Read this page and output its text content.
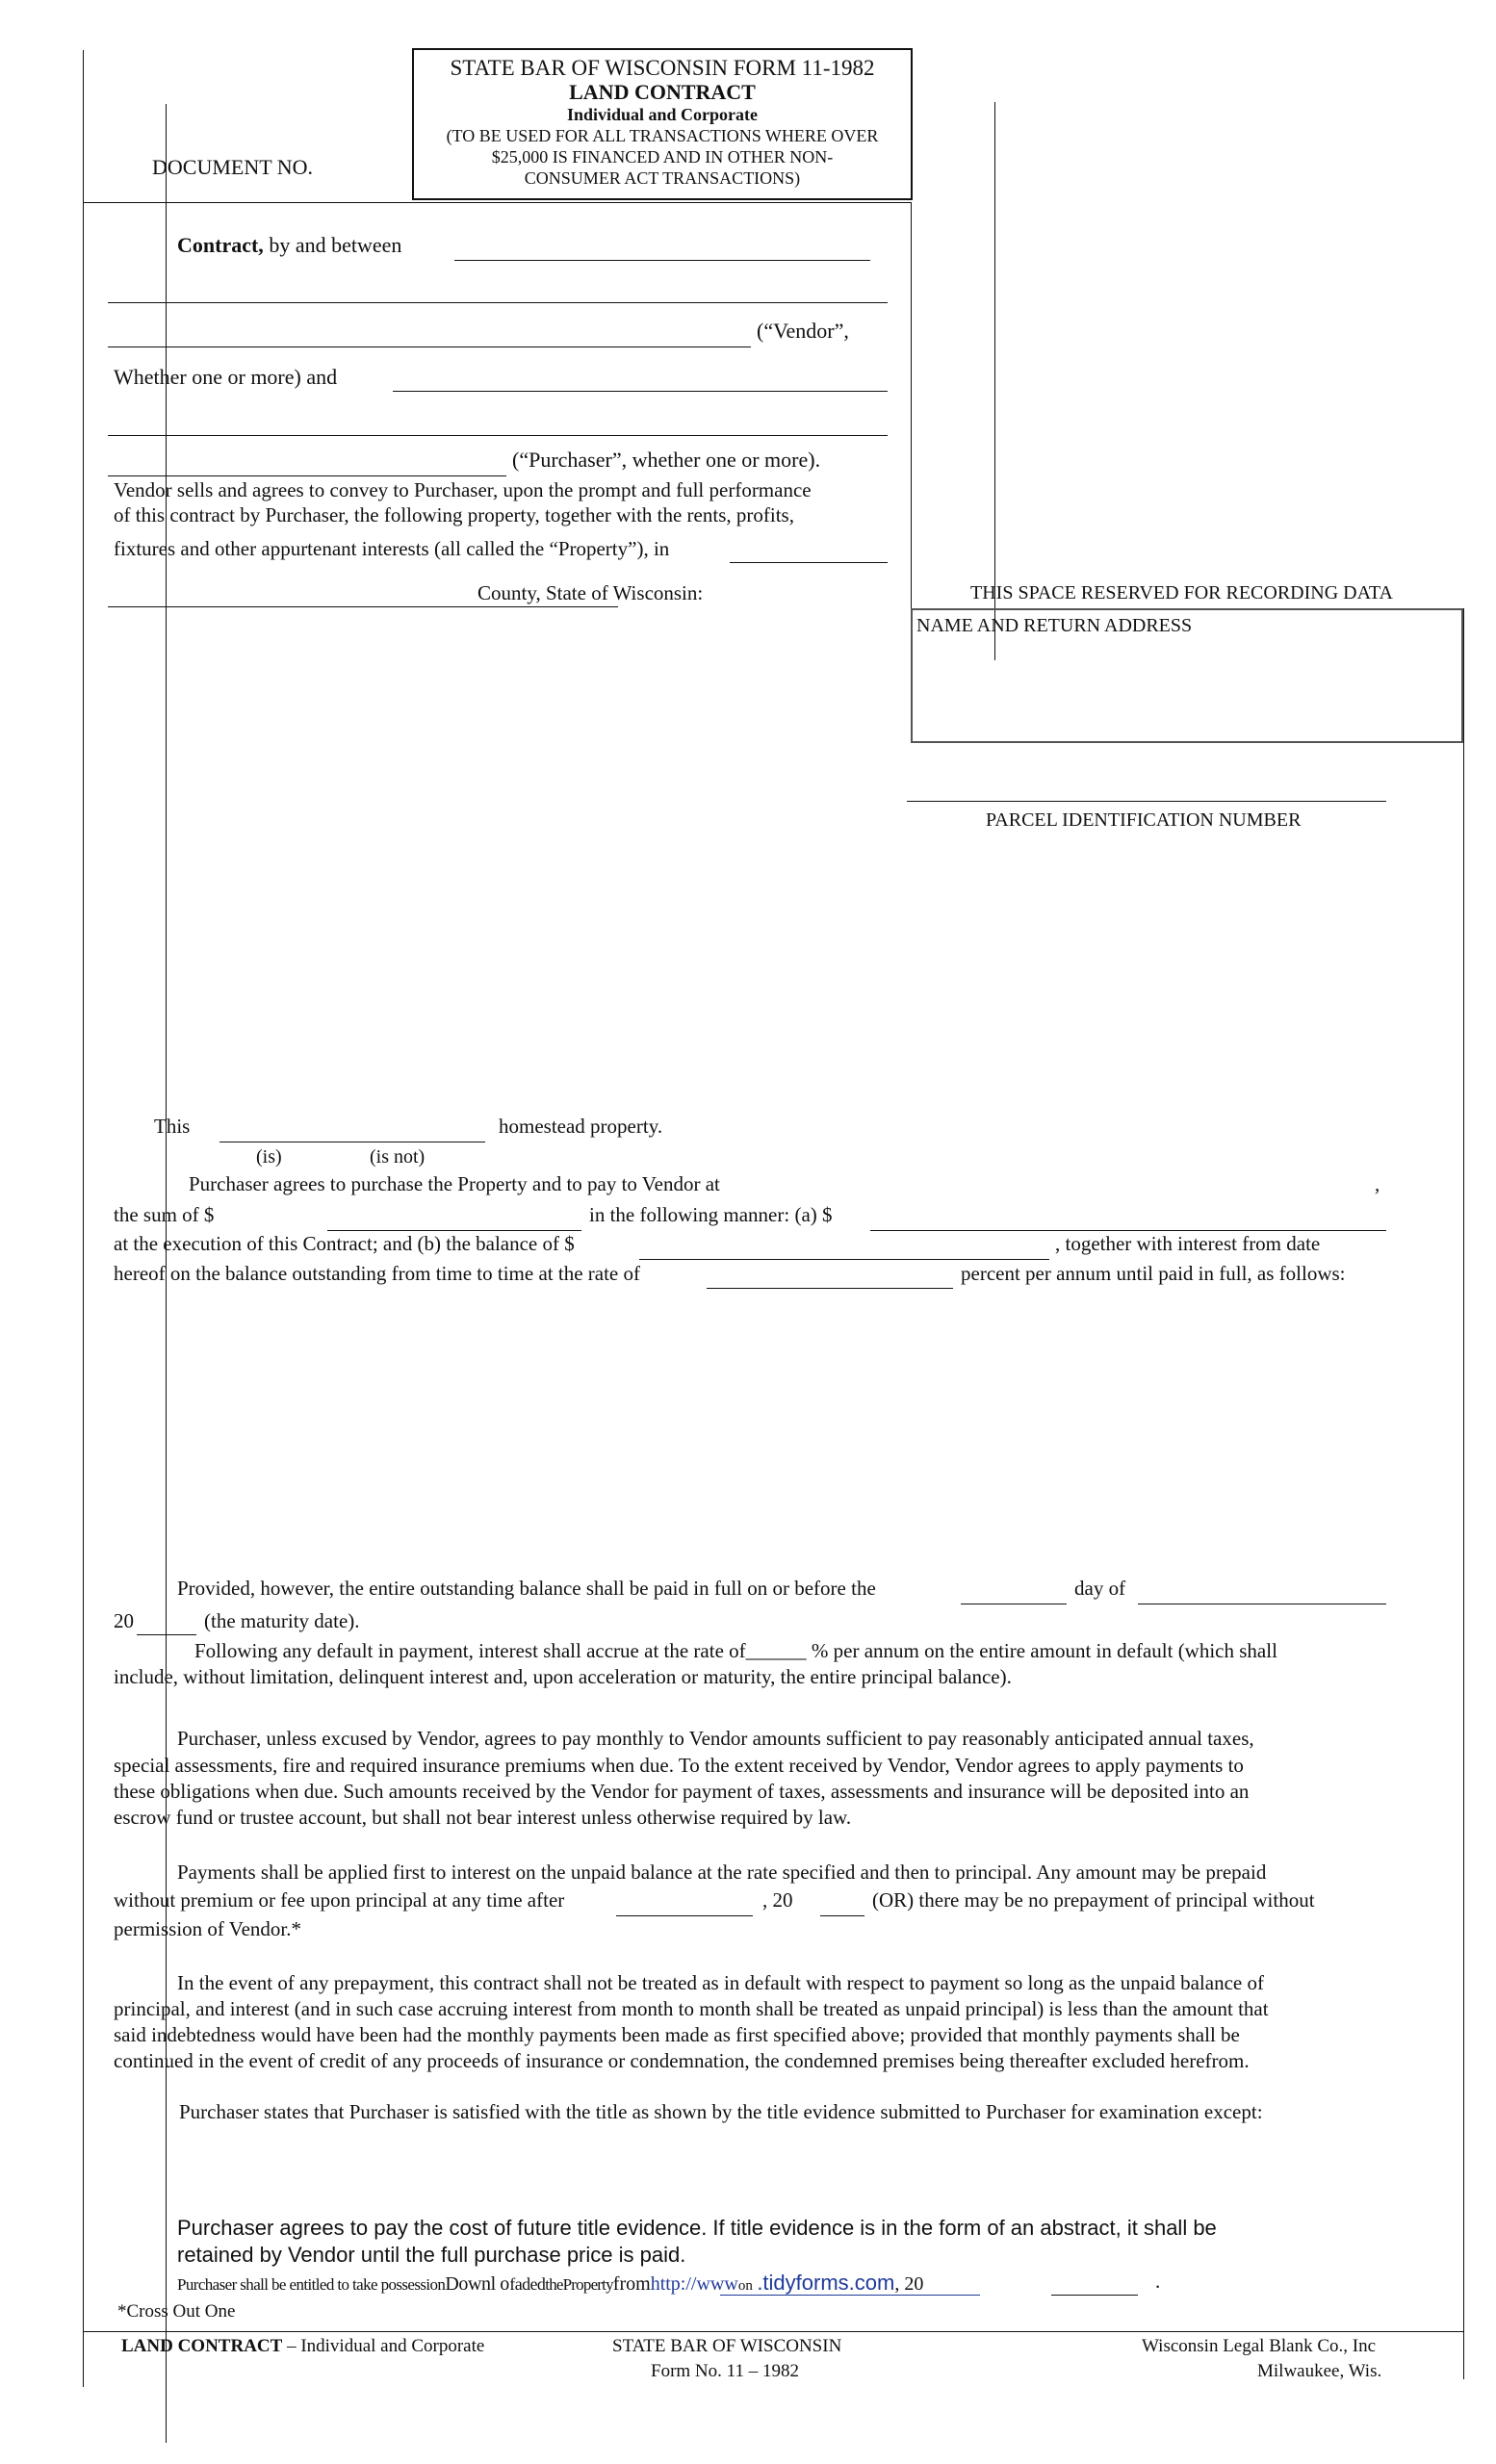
STATE BAR OF WISCONSIN FORM 11-1982
LAND CONTRACT
Individual and Corporate
(TO BE USED FOR ALL TRANSACTIONS WHERE OVER
$25,000 IS FINANCED AND IN OTHER NON-
CONSUMER ACT TRANSACTIONS)
DOCUMENT NO.
Contract, by and between
(“Vendor”,
Whether one or more) and
(“Purchaser”, whether one or more).
Vendor sells and agrees to convey to Purchaser, upon the prompt and full performance
of this contract by Purchaser, the following property, together with the rents, profits,
fixtures and other appurtenant interests (all called the “Property”), in
County, State of Wisconsin:	THIS SPACE RESERVED FOR RECORDING DATA
NAME AND RETURN ADDRESS
PARCEL IDENTIFICATION NUMBER
This	homestead property.
(is)	(is not)
Purchaser agrees to purchase the Property and to pay to Vendor at	,
the sum of $	in the following manner: (a) $
at the execution of this Contract; and (b) the balance of $	, together with interest from date
hereof on the balance outstanding from time to time at the rate of	percent per annum until paid in full, as follows:
Provided, however, the entire outstanding balance shall be paid in full on or before the	day of
20	(the maturity date).
Following any default in payment, interest shall accrue at the rate of______ % per annum on the entire amount in default (which shall
include, without limitation, delinquent interest and, upon acceleration or maturity, the entire principal balance).
Purchaser, unless excused by Vendor, agrees to pay monthly to Vendor amounts sufficient to pay reasonably anticipated annual taxes,
special assessments, fire and required insurance premiums when due. To the extent received by Vendor, Vendor agrees to apply payments to
these obligations when due. Such amounts received by the Vendor for payment of taxes, assessments and insurance will be deposited into an
escrow fund or trustee account, but shall not bear interest unless otherwise required by law.
Payments shall be applied first to interest on the unpaid balance at the rate specified and then to principal. Any amount may be prepaid
without premium or fee upon principal at any time after	, 20	(OR) there may be no prepayment of principal without
permission of Vendor.*
In the event of any prepayment, this contract shall not be treated as in default with respect to payment so long as the unpaid balance of
principal, and interest (and in such case accruing interest from month to month shall be treated as unpaid principal) is less than the amount that
said indebtedness would have been had the monthly payments been made as first specified above; provided that monthly payments shall be
continued in the event of credit of any proceeds of insurance or condemnation, the condemned premises being thereafter excluded herefrom.
Purchaser states that Purchaser is satisfied with the title as shown by the title evidence submitted to Purchaser for examination except:
Purchaser agrees to pay the cost of future title evidence. If title evidence is in the form of an abstract, it shall be
retained by Vendor until the full purchase price is paid.
Purchaser shall be entitled to take possessionDownl ofadedthePropertyfromhttp://wwwon .tidyforms.com, 20	.
*Cross Out One
LAND CONTRACT – Individual and Corporate	STATE BAR OF WISCONSIN
Form No. 11 – 1982
Wisconsin Legal Blank Co., Inc
Milwaukee, Wis.
